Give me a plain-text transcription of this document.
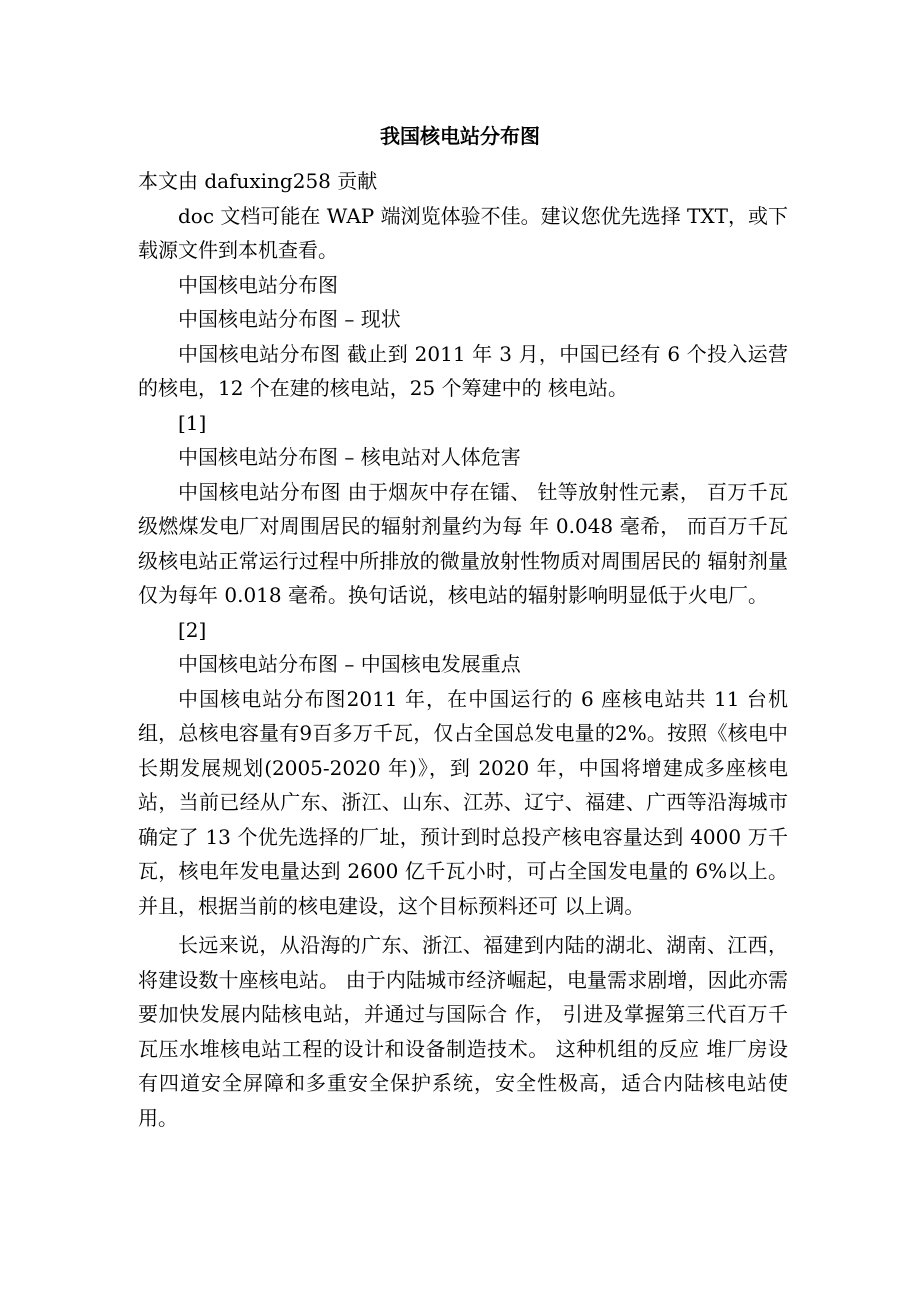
我国核电站分布图

本文由 dafuxing258 贡献

doc 文档可能在 WAP 端浏览体验不佳。建议您优先选择 TXT，或下载源文件到本机查看。

中国核电站分布图

中国核电站分布图 – 现状

中国核电站分布图 截止到 2011 年 3 月，中国已经有 6 个投入运营的核电，12 个在建的核电站，25 个筹建中的 核电站。

[1]

中国核电站分布图 – 核电站对人体危害

中国核电站分布图 由于烟灰中存在镭、 钍等放射性元素， 百万千瓦级燃煤发电厂对周围居民的辐射剂量约为每 年 0.048 毫希， 而百万千瓦级核电站正常运行过程中所排放的微量放射性物质对周围居民的 辐射剂量仅为每年 0.018 毫希。换句话说，核电站的辐射影响明显低于火电厂。

[2]

中国核电站分布图 – 中国核电发展重点

中国核电站分布图2011 年，在中国运行的 6 座核电站共 11 台机组，总核电容量有9百多万千瓦，仅占全国总发电量的2%。按照《核电中长期发展规划(2005-2020 年)》，到 2020 年，中国将增建成多座核电站，当前已经从广东、浙江、山东、江苏、辽宁、福建、广西等沿海城市确定了 13 个优先选择的厂址，预计到时总投产核电容量达到 4000 万千瓦，核电年发电量达到 2600 亿千瓦小时，可占全国发电量的 6%以上。并且，根据当前的核电建设，这个目标预料还可 以上调。

长远来说，从沿海的广东、浙江、福建到内陆的湖北、湖南、江西，将建设数十座核电站。 由于内陆城市经济崛起，电量需求剧增，因此亦需要加快发展内陆核电站，并通过与国际合 作， 引进及掌握第三代百万千瓦压水堆核电站工程的设计和设备制造技术。 这种机组的反应 堆厂房设有四道安全屏障和多重安全保护系统，安全性极高，适合内陆核电站使用。
